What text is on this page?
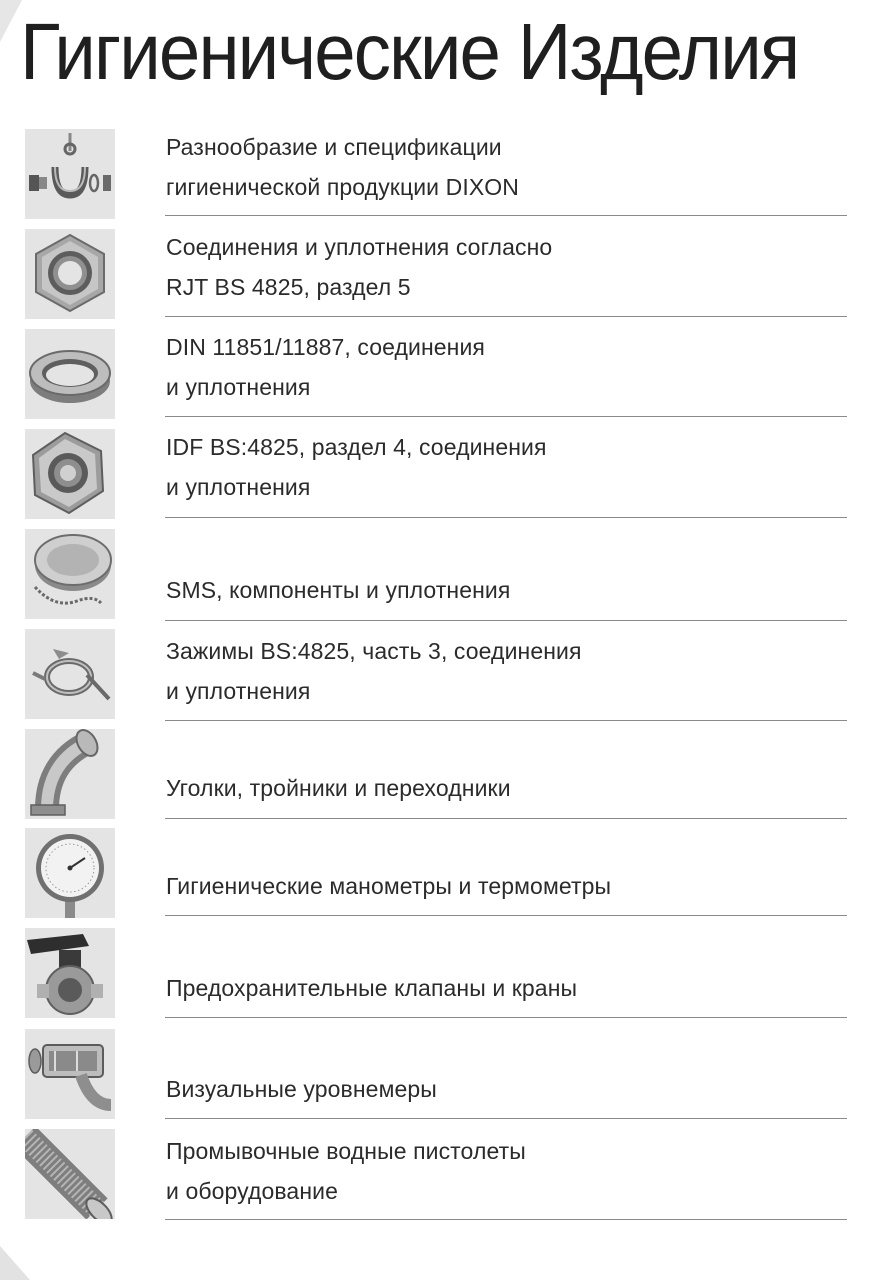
Гигиенические Изделия
Разнообразие и спецификации
гигиенической продукции DIXON
Соединения и уплотнения согласно
RJT BS 4825, раздел 5
DIN 11851/11887, соединения
и уплотнения
IDF BS:4825, раздел 4, соединения
и уплотнения
SMS, компоненты и уплотнения
Зажимы BS:4825, часть 3, соединения
и уплотнения
Уголки, тройники и переходники
Гигиенические манометры и термометры
Предохранительные клапаны и краны
Визуальные уровнемеры
Промывочные водные пистолеты
и оборудование
